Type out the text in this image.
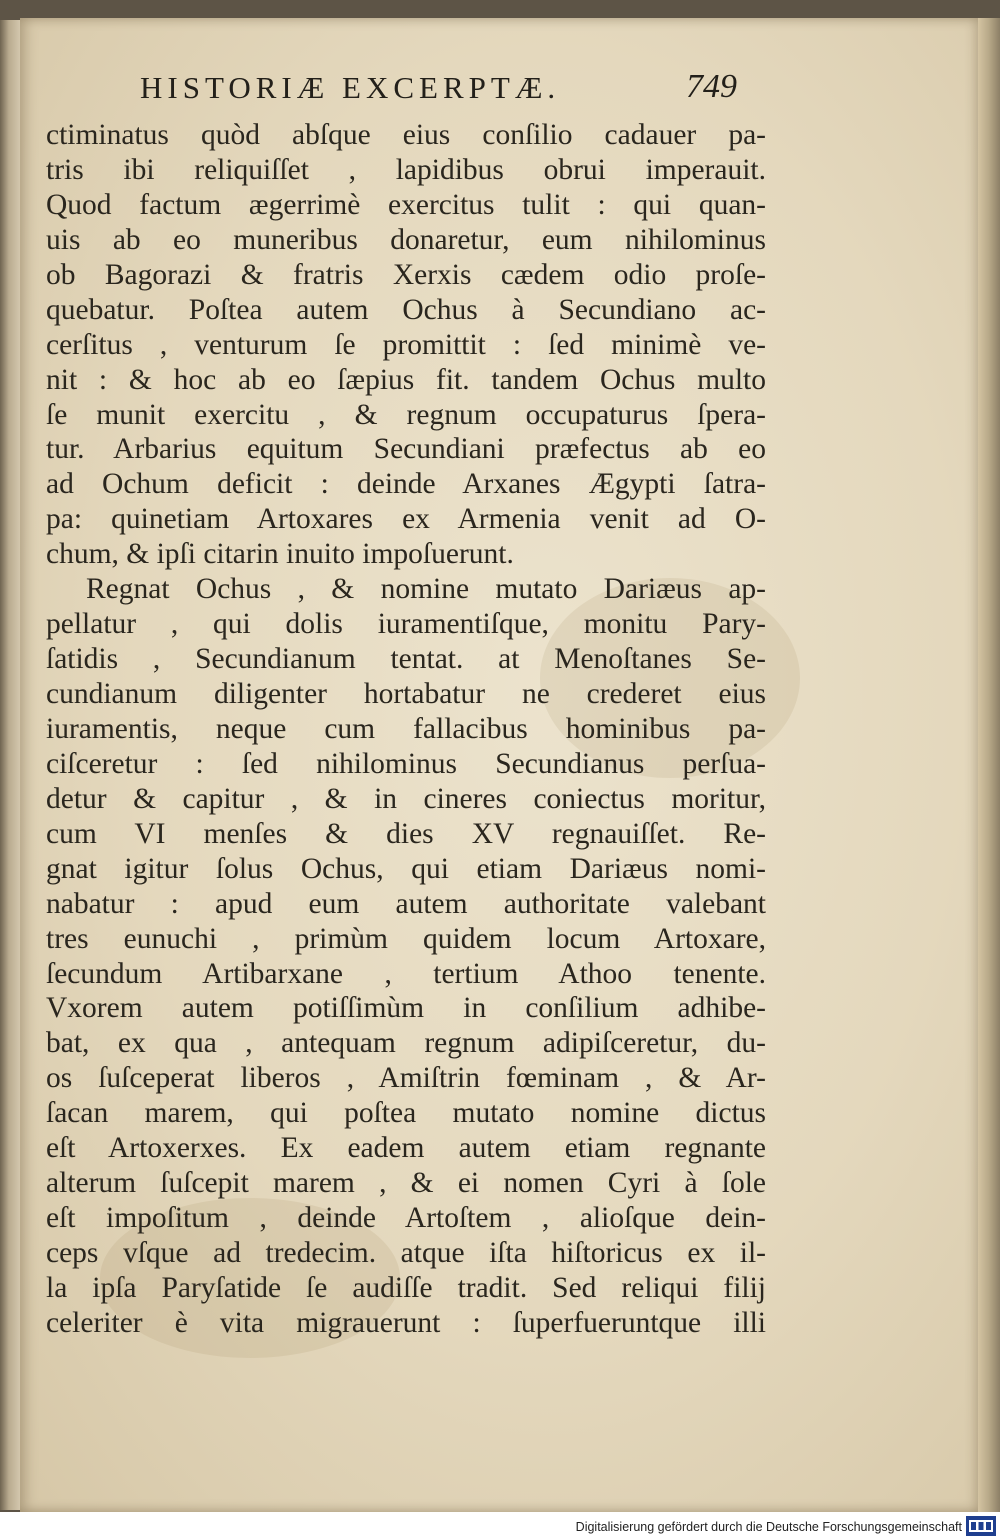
HISTORIÆ EXCERPTÆ.	749
ctiminatus quòd abſque eius conſilio cadauer pa-
tris ibi reliquiſſet , lapidibus obrui imperauit.
Quod factum ægerrimè exercitus tulit : qui quan-
uis ab eo muneribus donaretur, eum nihilominus
ob Bagorazi & fratris Xerxis cædem odio proſe-
quebatur. Poſtea autem Ochus à Secundiano ac-
cerſitus , venturum ſe promittit : ſed minimè ve-
nit : & hoc ab eo ſæpius fit. tandem Ochus multo
ſe munit exercitu , & regnum occupaturus ſpera-
tur. Arbarius equitum Secundiani præfectus ab eo
ad Ochum deficit : deinde Arxanes Ægypti ſatra-
pa: quinetiam Artoxares ex Armenia venit ad O-
chum, & ipſi citarin inuito impoſuerunt.
Regnat Ochus , & nomine mutato Dariæus ap-
pellatur , qui dolis iuramentiſque, monitu Pary-
ſatidis , Secundianum tentat. at Menoſtanes Se-
cundianum diligenter hortabatur ne crederet eius
iuramentis, neque cum fallacibus hominibus pa-
ciſceretur : ſed nihilominus Secundianus perſua-
detur & capitur , & in cineres coniectus moritur,
cum VI menſes & dies XV regnauiſſet. Re-
gnat igitur ſolus Ochus, qui etiam Dariæus nomi-
nabatur : apud eum autem authoritate valebant
tres eunuchi , primùm quidem locum Artoxare,
ſecundum Artibarxane , tertium Athoo tenente.
Vxorem autem potiſſimùm in conſilium adhibe-
bat, ex qua , antequam regnum adipiſceretur, du-
os ſuſceperat liberos , Amiſtrin fœminam , & Ar-
ſacan marem, qui poſtea mutato nomine dictus
eſt Artoxerxes. Ex eadem autem etiam regnante
alterum ſuſcepit marem , & ei nomen Cyri à ſole
eſt impoſitum , deinde Artoſtem , alioſque dein-
ceps vſque ad tredecim. atque iſta hiſtoricus ex il-
la ipſa Paryſatide ſe audiſſe tradit. Sed reliqui filij
celeriter è vita migrauerunt : ſuperfueruntque illi
Digitalisierung gefördert durch die Deutsche Forschungsgemeinschaft
